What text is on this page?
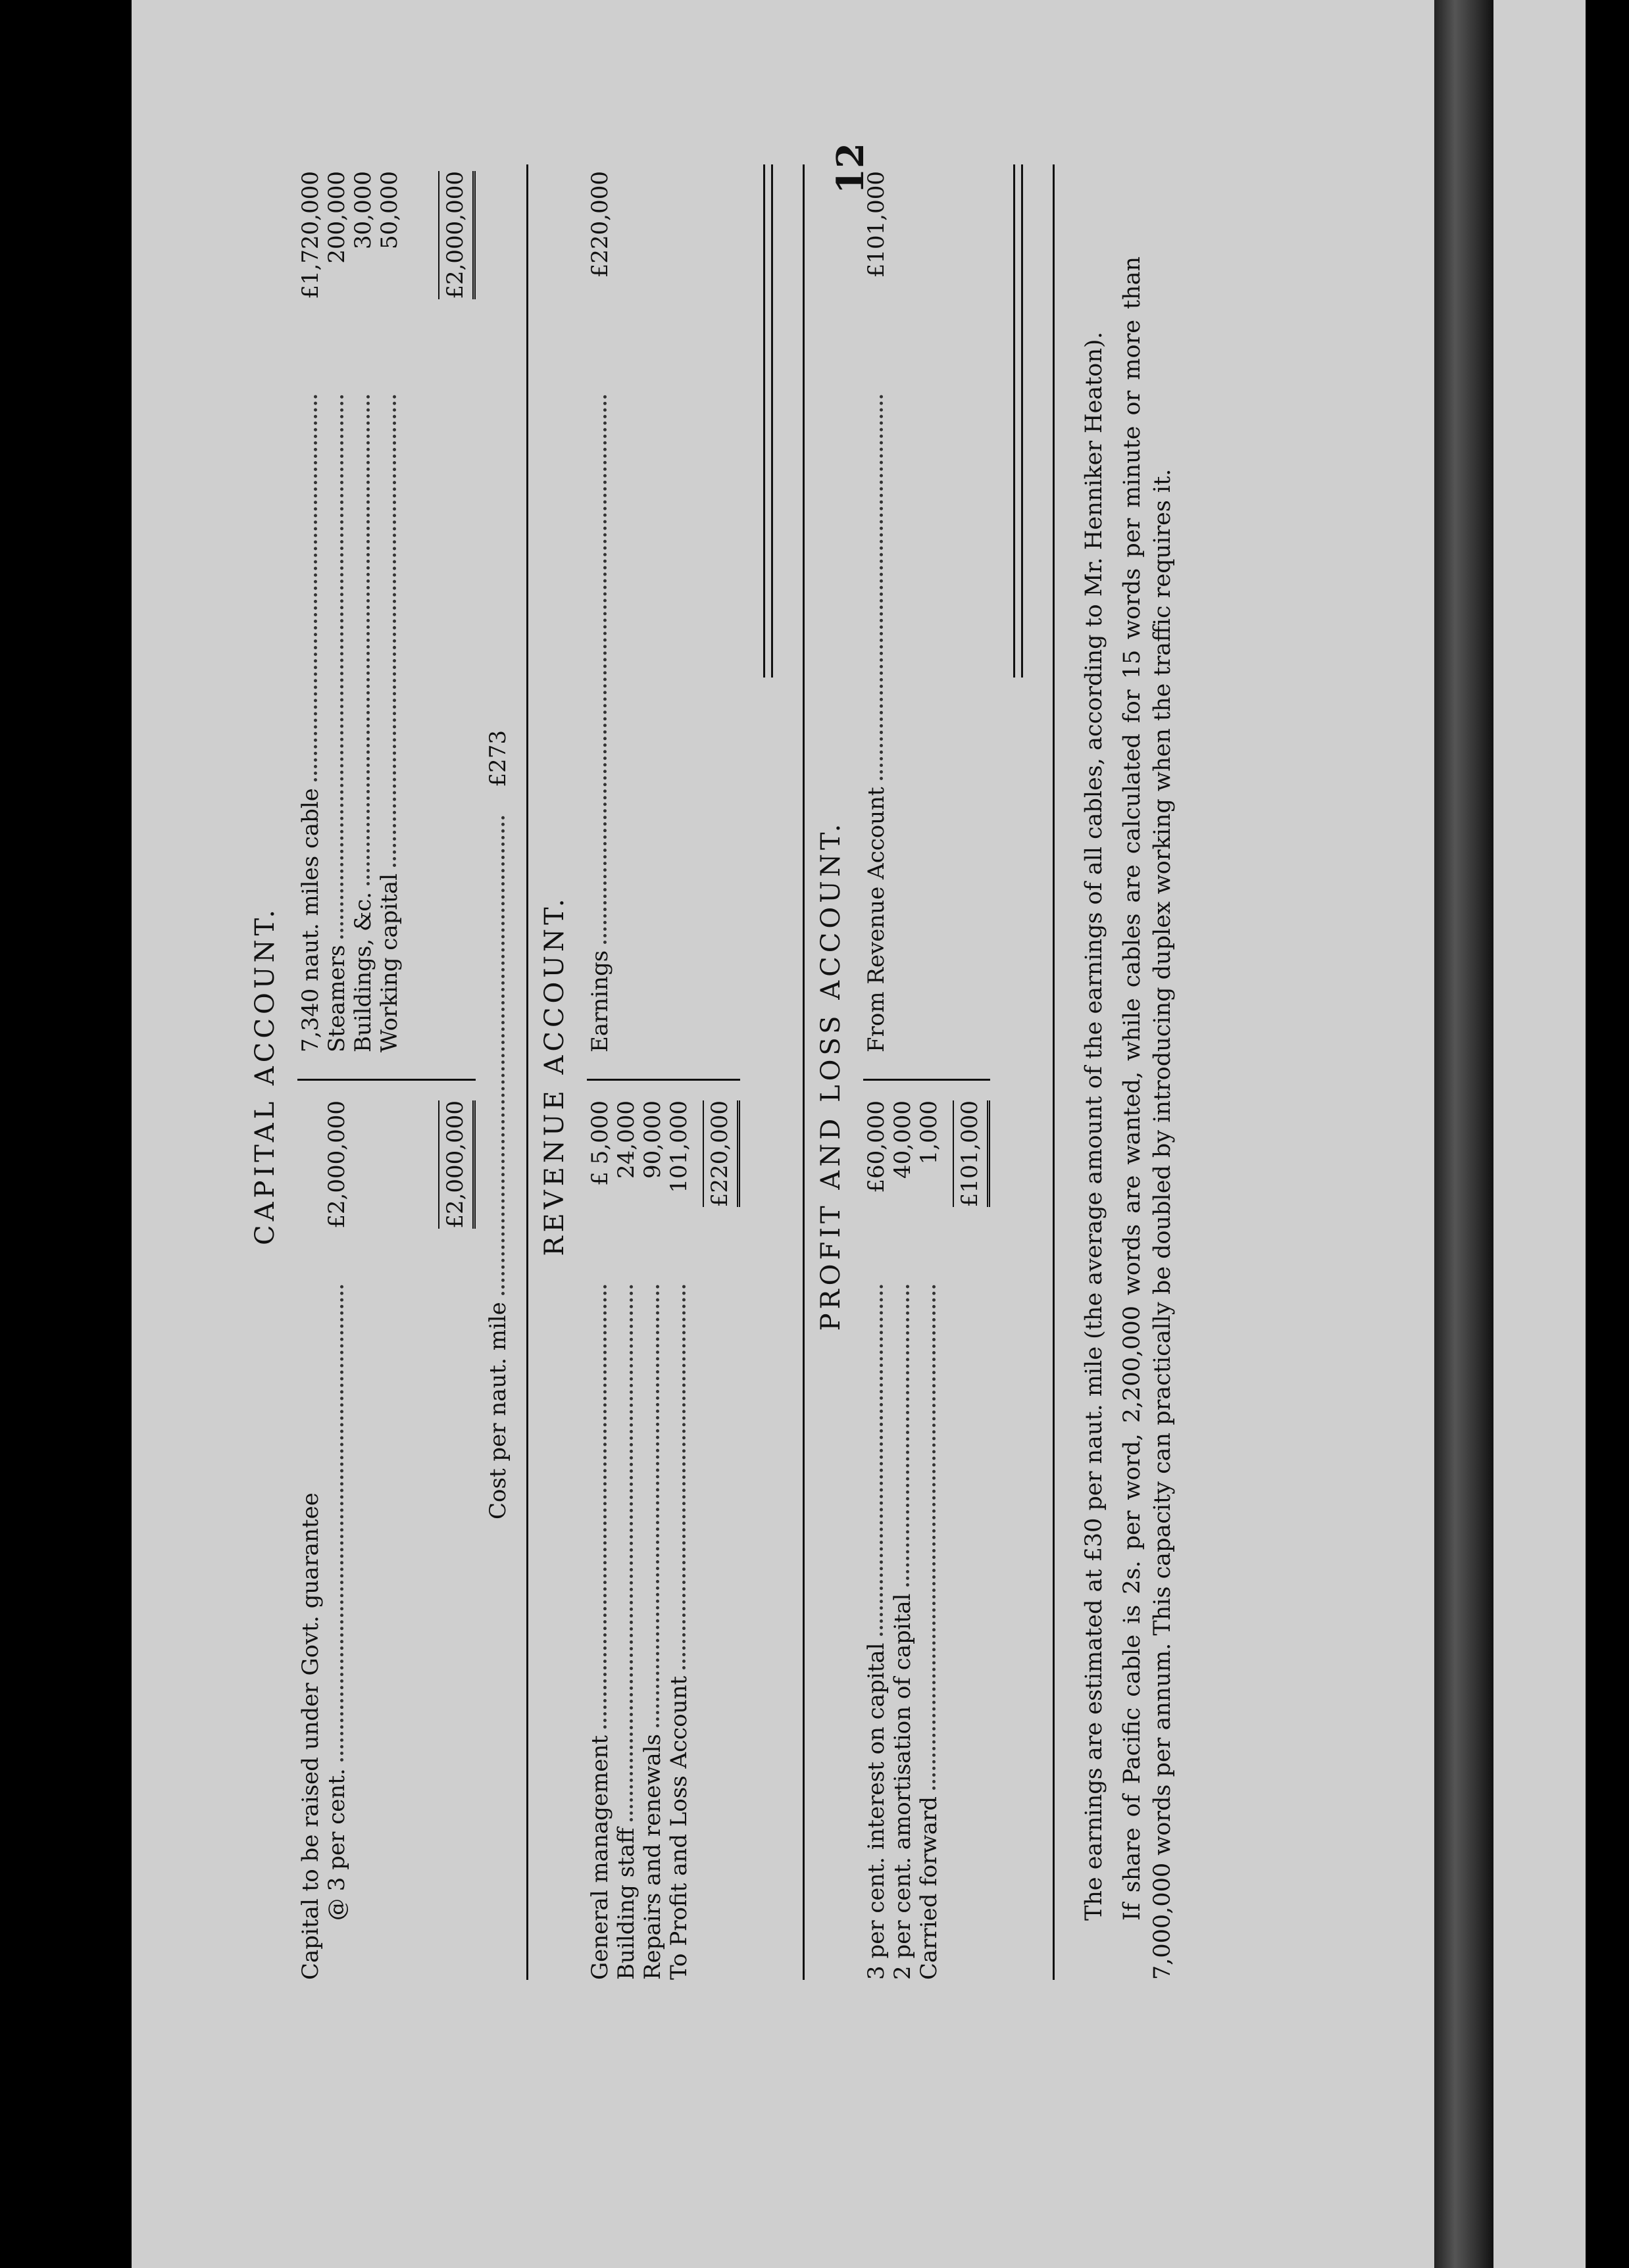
12
CAPITAL ACCOUNT.
Capital to be raised under Govt. guarantee @ 3 per cent.
£2,000,000	£2,000,000
7,340 naut. miles cable
£1,720,000
Steamers
200,000
Buildings, &c.
30,000
Working capital
50,000 £2,000,000
Cost per naut. mile
£273
REVENUE ACCOUNT.
General management
£ 5,000
Building staff
24,000
Repairs and renewals
90,000
To Profit and Loss Account
101,000 £220,000
Earnings
£220,000
PROFIT AND LOSS ACCOUNT.
3 per cent. interest on capital
£60,000
2 per cent. amortisation of capital
40,000
Carried forward
1,000 £101,000
From Revenue Account
£101,000

The earnings are estimated at £30 per naut. mile (the average amount of the earnings of all cables, according to Mr. Henniker Heaton). If share of Pacific cable is 2s. per word, 2,200,000 words are wanted, while cables are calculated for 15 words per minute or more than 7,000,000 words per annum. This capacity can practically be doubled by introducing duplex working when the traffic requires it.
